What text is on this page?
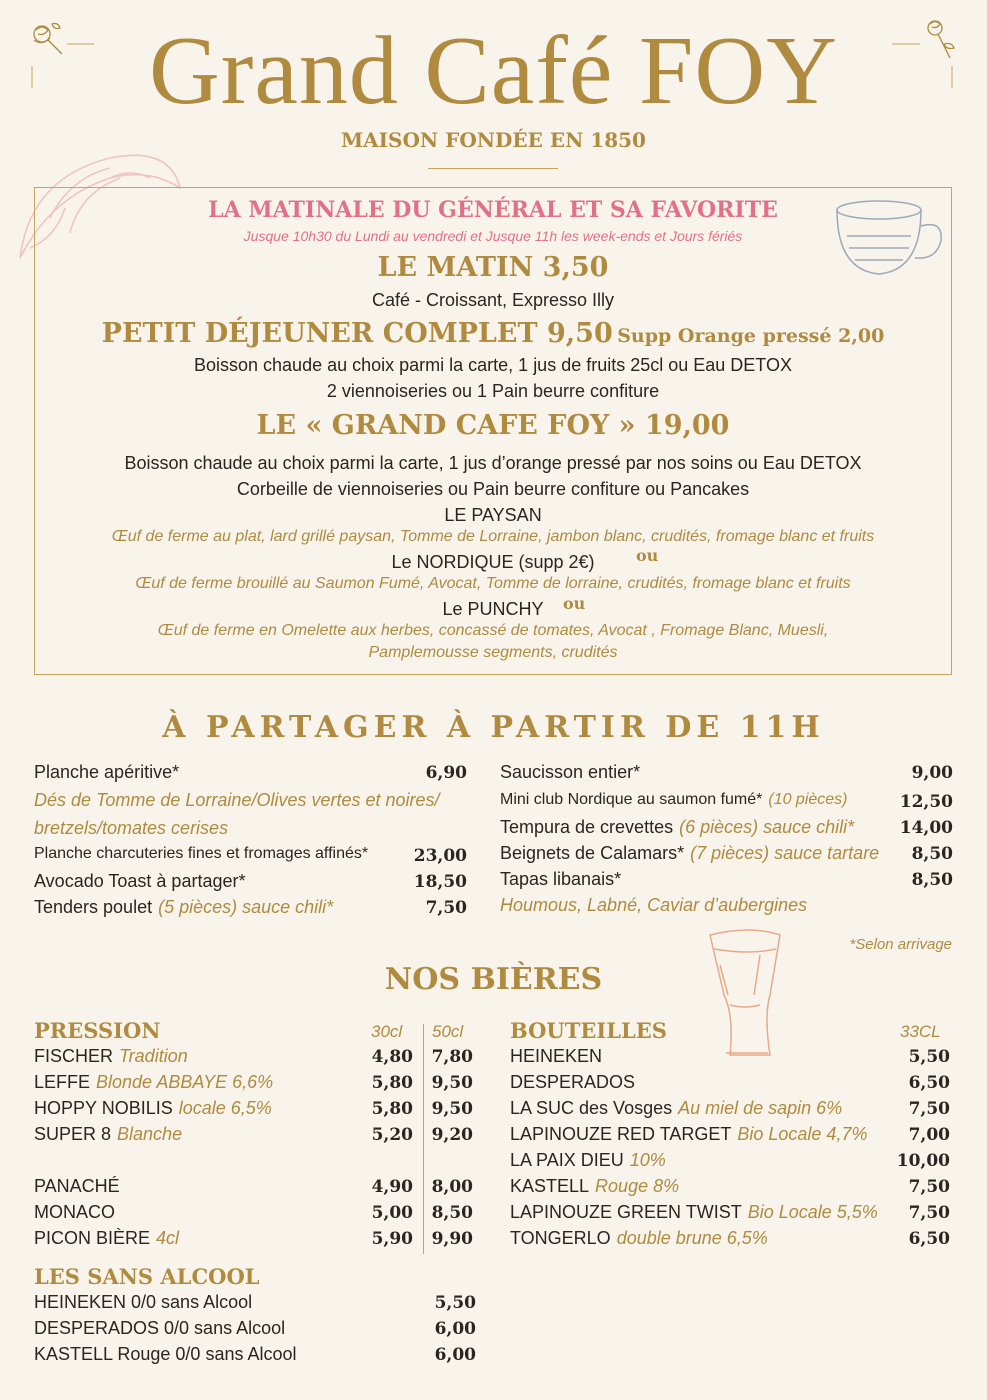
Grand Café FOY
MAISON FONDÉE EN 1850
LA MATINALE DU GÉNÉRAL ET SA FAVORITE
Jusque 10h30 du Lundi au vendredi et Jusque 11h les week-ends et Jours fériés
LE MATIN 3,50
Café - Croissant, Expresso Illy
PETIT DÉJEUNER COMPLET 9,50 Supp Orange pressé 2,00
Boisson chaude au choix parmi la carte, 1 jus de fruits 25cl ou Eau DETOX
2 viennoiseries ou 1 Pain beurre confiture
LE « GRAND CAFE FOY » 19,00
Boisson chaude au choix parmi la carte, 1 jus d’orange pressé par nos soins ou Eau DETOX
Corbeille de viennoiseries ou Pain beurre confiture ou Pancakes
LE PAYSAN
Œuf de ferme au plat, lard grillé paysan, Tomme de Lorraine, jambon blanc, crudités, fromage blanc et fruits
Le NORDIQUE (supp 2€)	ou
Œuf de ferme brouillé au Saumon Fumé, Avocat, Tomme de lorraine, crudités, fromage blanc et fruits
Le PUNCHY	ou
Œuf de ferme en Omelette aux herbes, concassé de tomates, Avocat , Fromage Blanc, Muesli,
Pamplemousse segments, crudités
À PARTAGER À PARTIR DE 11H
Planche apéritive*	6,90
Dés de Tomme de Lorraine/Olives vertes et noires/
bretzels/tomates cerises
Planche charcuteries fines et fromages affinés*	23,00
Avocado Toast à partager*	18,50
Tenders poulet (5 pièces) sauce chili*	7,50
Saucisson entier*	9,00
Mini club Nordique au saumon fumé* (10 pièces)	12,50
Tempura de crevettes (6 pièces) sauce chili*	14,00
Beignets de Calamars* (7 pièces) sauce tartare	8,50
Tapas libanais*	8,50
Houmous, Labné, Caviar d’aubergines
*Selon arrivage
NOS BIÈRES
PRESSION	30cl 50cl
FISCHER Tradition	4,80	7,80
LEFFE Blonde ABBAYE 6,6%	5,80	9,50
HOPPY NOBILIS locale 6,5%	5,80	9,50
SUPER 8 Blanche	5,20	9,20
PANACHÉ	4,90	8,00
MONACO	5,00	8,50
PICON BIÈRE 4cl	5,90	9,90
BOUTEILLES	33CL
HEINEKEN	5,50
DESPERADOS	6,50
LA SUC des Vosges Au miel de sapin 6%	7,50
LAPINOUZE RED TARGET Bio Locale 4,7%	7,00
LA PAIX DIEU 10%	10,00
KASTELL Rouge 8%	7,50
LAPINOUZE GREEN TWIST Bio Locale 5,5%	7,50
TONGERLO double brune 6,5%	6,50
LES SANS ALCOOL
HEINEKEN 0/0 sans Alcool	5,50
DESPERADOS 0/0 sans Alcool	6,00
KASTELL Rouge 0/0 sans Alcool	6,00
